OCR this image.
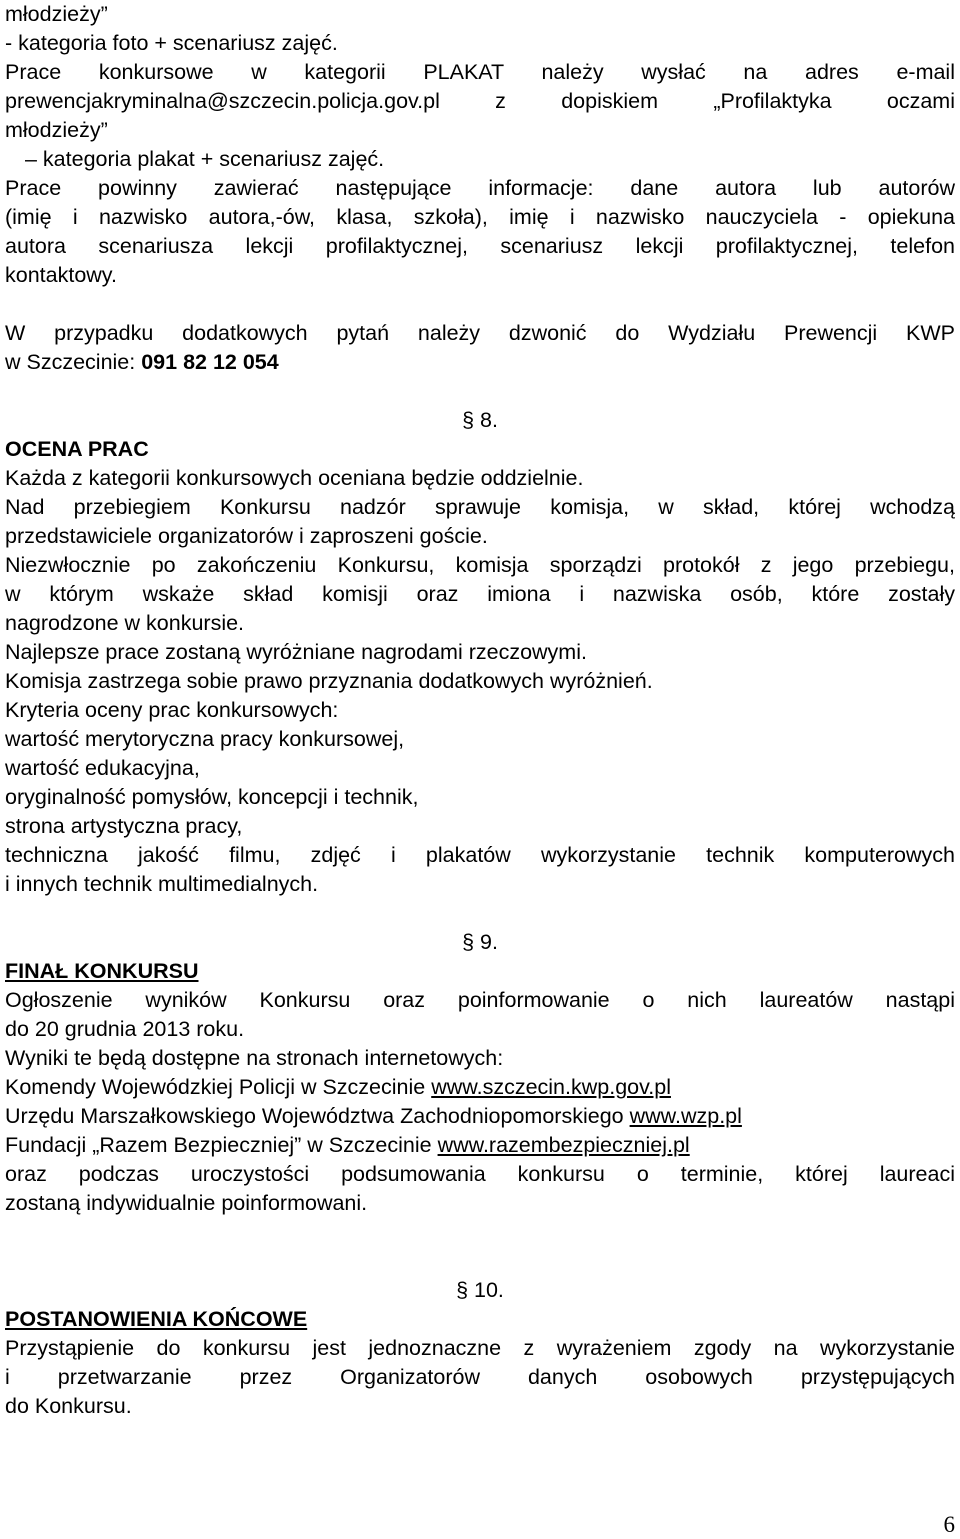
młodzieży”
- kategoria foto + scenariusz zajęć.
Prace konkursowe w kategorii PLAKAT należy wysłać na adres e-mail
prewencjakryminalna@szczecin.policja.gov.pl z dopiskiem „Profilaktyka oczami
młodzieży”
– kategoria plakat + scenariusz zajęć.
Prace powinny zawierać następujące informacje: dane autora lub autorów
(imię i nazwisko autora,-ów, klasa, szkoła), imię i nazwisko nauczyciela - opiekuna
autora scenariusza lekcji profilaktycznej, scenariusz lekcji profilaktycznej, telefon
kontaktowy.
W przypadku dodatkowych pytań należy dzwonić do Wydziału Prewencji KWP
w Szczecinie: 091 82 12 054
§ 8.
OCENA PRAC
Każda z kategorii konkursowych oceniana będzie oddzielnie.
Nad przebiegiem Konkursu nadzór sprawuje komisja, w skład, której wchodzą
przedstawiciele organizatorów i zaproszeni goście.
Niezwłocznie po zakończeniu Konkursu, komisja sporządzi protokół z jego przebiegu,
w którym wskaże skład komisji oraz imiona i nazwiska osób, które zostały
nagrodzone w konkursie.
Najlepsze prace zostaną wyróżniane nagrodami rzeczowymi.
Komisja zastrzega sobie prawo przyznania dodatkowych wyróżnień.
Kryteria oceny prac konkursowych:
wartość merytoryczna pracy konkursowej,
wartość edukacyjna,
oryginalność pomysłów, koncepcji i technik,
strona artystyczna pracy,
techniczna jakość filmu, zdjęć i plakatów wykorzystanie technik komputerowych
i innych technik multimedialnych.
§ 9.
FINAŁ KONKURSU
Ogłoszenie wyników Konkursu oraz poinformowanie o nich laureatów nastąpi
do 20 grudnia 2013 roku.
Wyniki te będą dostępne na stronach internetowych:
Komendy Wojewódzkiej Policji w Szczecinie www.szczecin.kwp.gov.pl
Urzędu Marszałkowskiego Województwa Zachodniopomorskiego www.wzp.pl
Fundacji „Razem Bezpieczniej” w Szczecinie www.razembezpieczniej.pl
oraz podczas uroczystości podsumowania konkursu o terminie, której laureaci
zostaną indywidualnie poinformowani.
§ 10.
POSTANOWIENIA KOŃCOWE
Przystąpienie do konkursu jest jednoznaczne z wyrażeniem zgody na wykorzystanie
i przetwarzanie przez Organizatorów danych osobowych przystępujących
do Konkursu.
6
